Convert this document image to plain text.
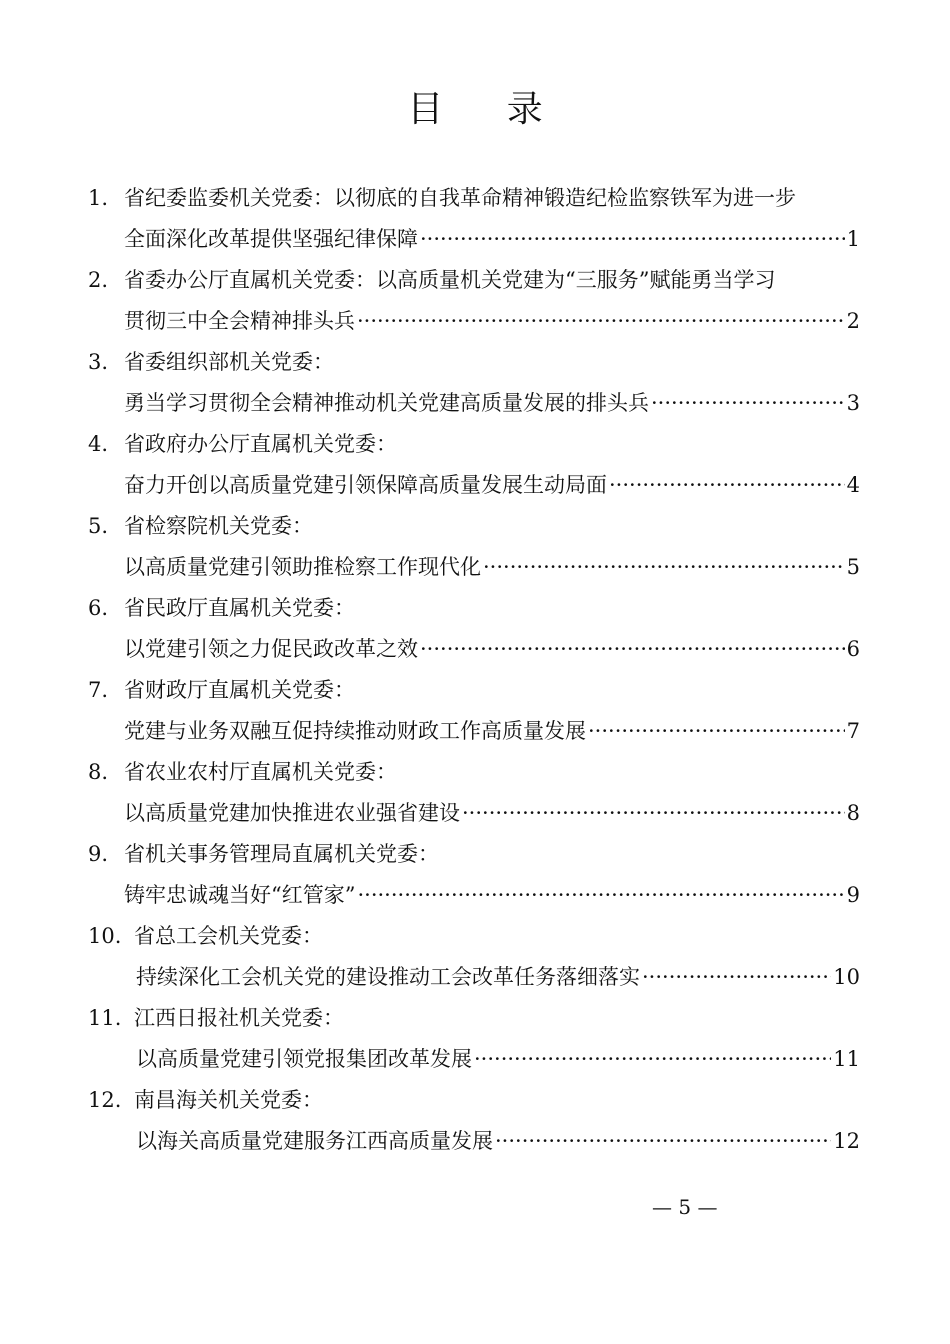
目 录
1. 省纪委监委机关党委：以彻底的自我革命精神锻造纪检监察铁军为进一步
全面深化改革提供坚强纪律保障 ·····	1
2. 省委办公厅直属机关党委：以高质量机关党建为“三服务”赋能勇当学习
贯彻三中全会精神排头兵 ·····	2
3. 省委组织部机关党委：
勇当学习贯彻全会精神推动机关党建高质量发展的排头兵 ·····	3
4. 省政府办公厅直属机关党委：
奋力开创以高质量党建引领保障高质量发展生动局面 ·····	4
5. 省检察院机关党委：
以高质量党建引领助推检察工作现代化 ·····	5
6. 省民政厅直属机关党委：
以党建引领之力促民政改革之效 ·····	6
7. 省财政厅直属机关党委：
党建与业务双融互促持续推动财政工作高质量发展 ·····	7
8. 省农业农村厅直属机关党委：
以高质量党建加快推进农业强省建设 ·····	8
9. 省机关事务管理局直属机关党委：
铸牢忠诚魂当好“红管家” ·····	9
10. 省总工会机关党委：
持续深化工会机关党的建设推动工会改革任务落细落实 ·····	10
11. 江西日报社机关党委：
以高质量党建引领党报集团改革发展 ·····	11
12. 南昌海关机关党委：
以海关高质量党建服务江西高质量发展 ·····	12
— 5 —
